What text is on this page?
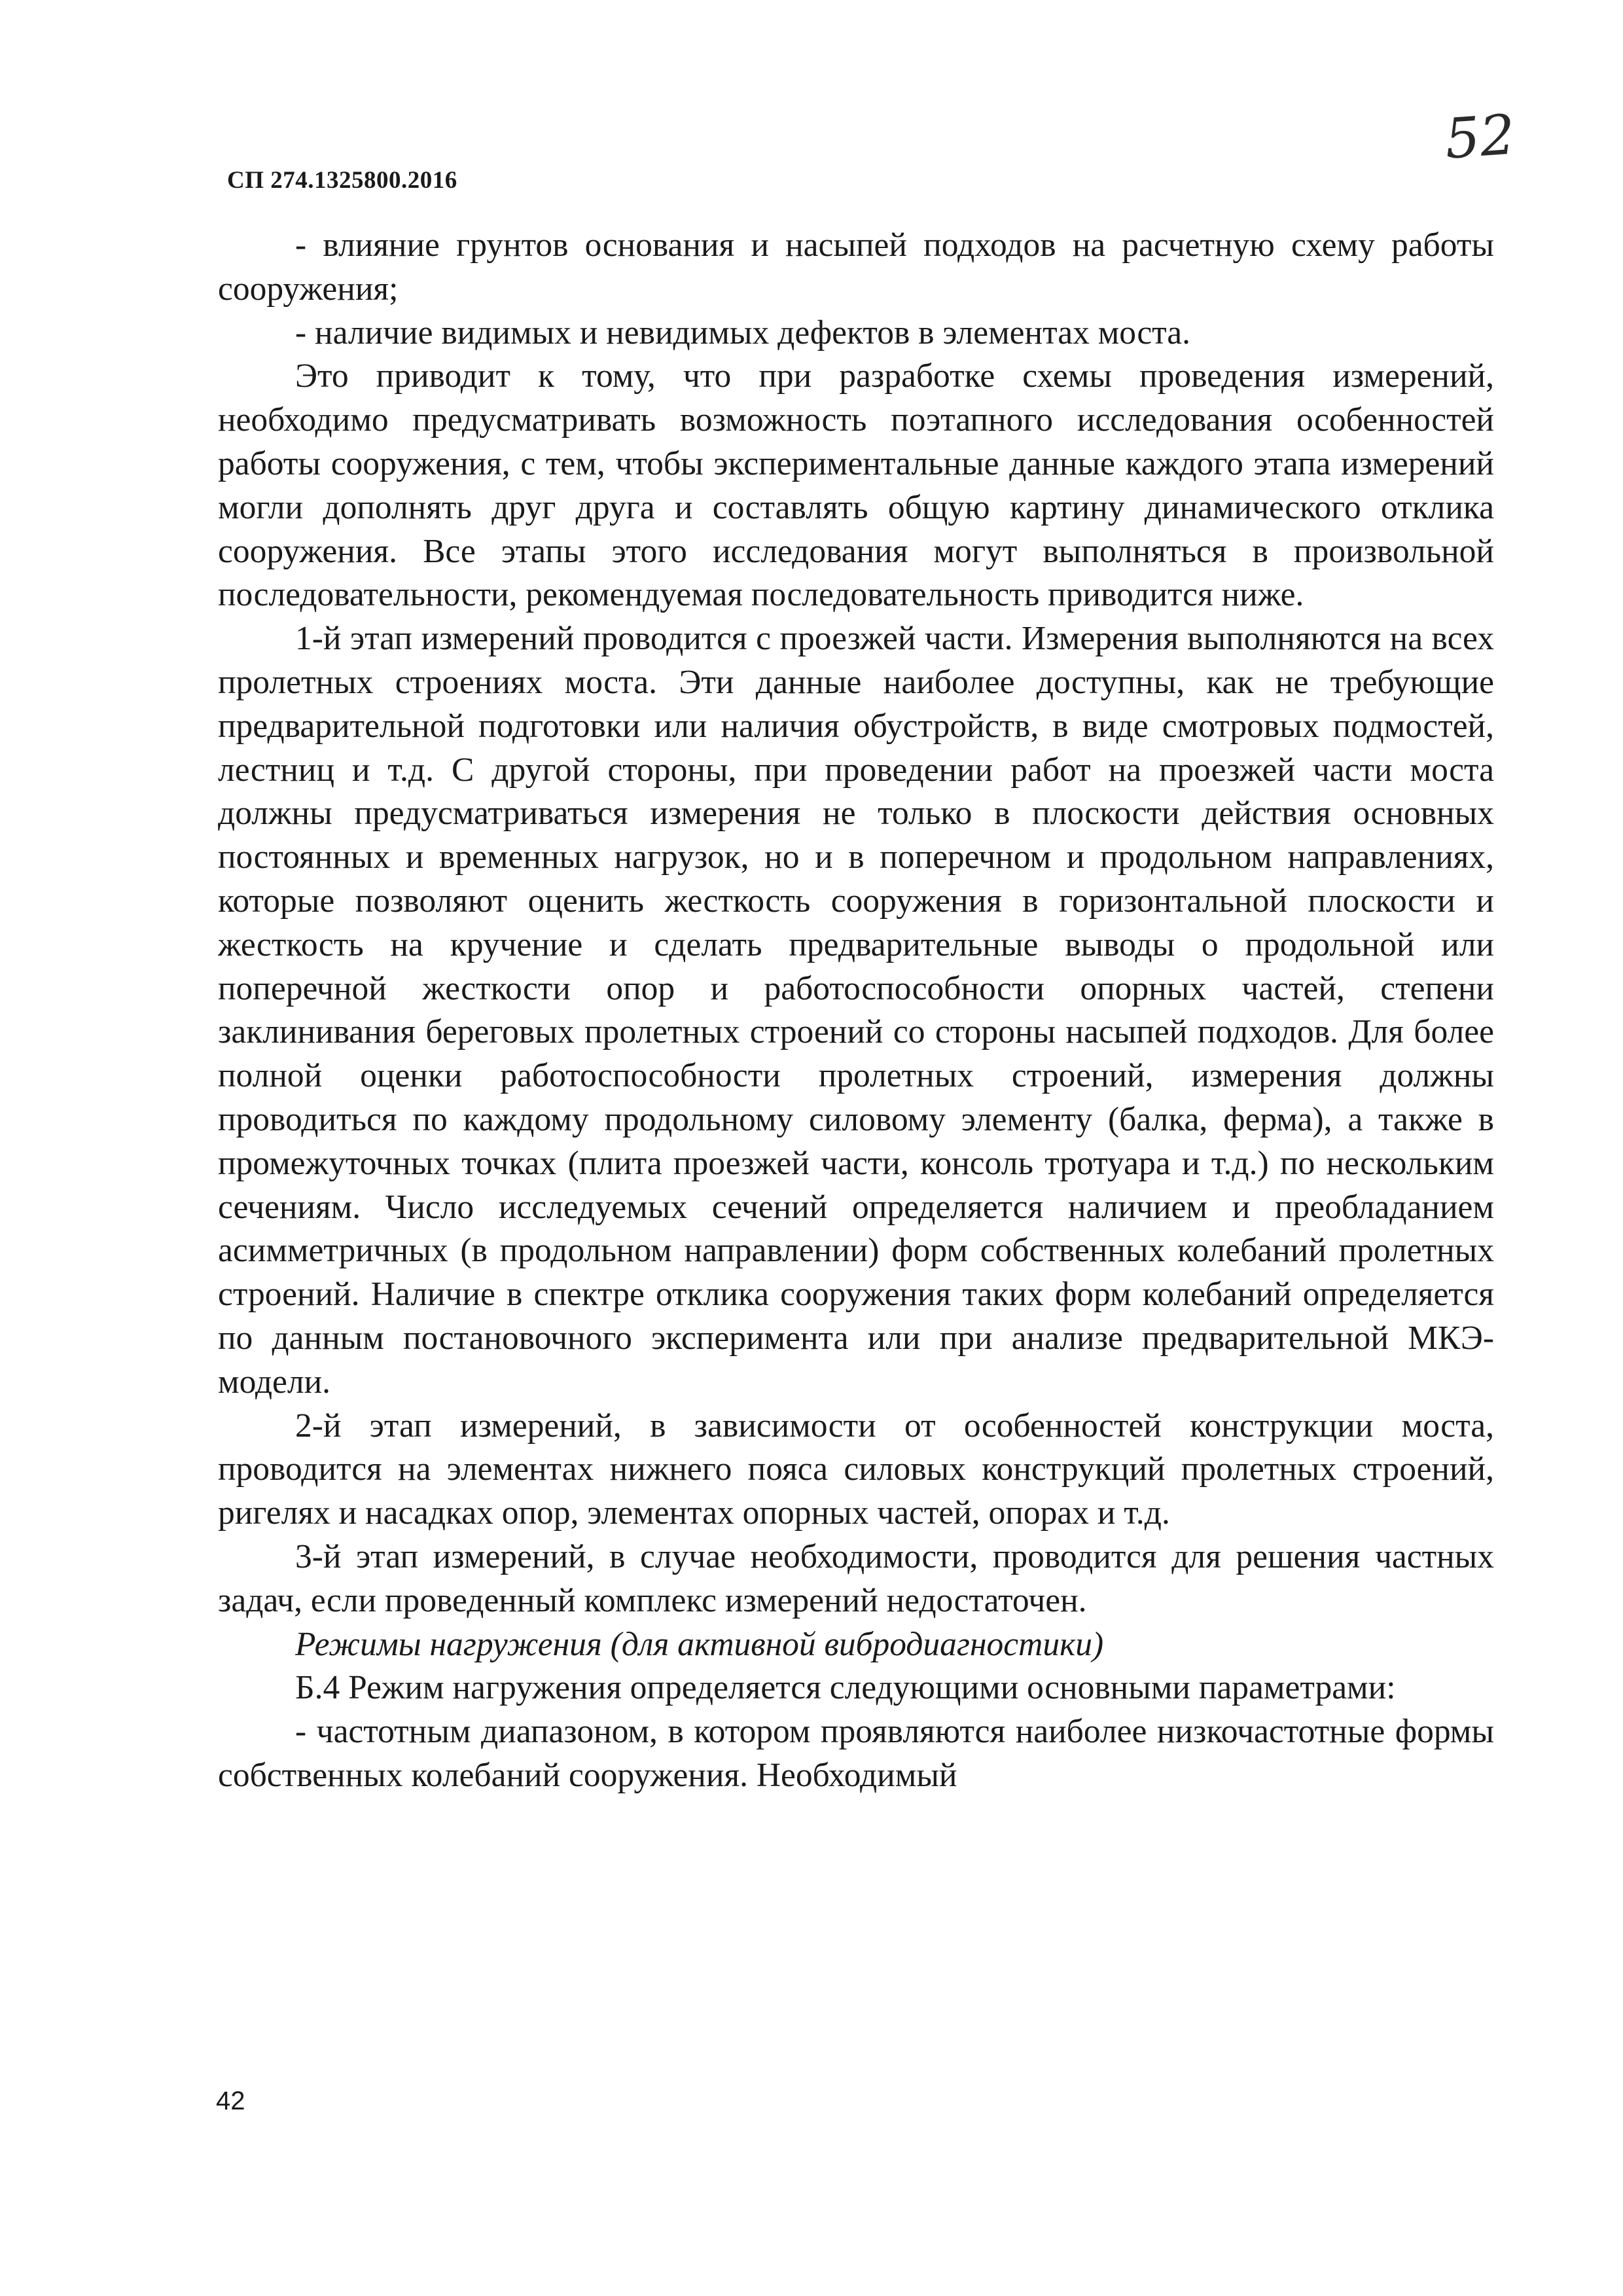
СП 274.1325800.2016
52

- влияние грунтов основания и насыпей подходов на расчетную схему работы сооружения;

- наличие видимых и невидимых дефектов в элементах моста.

Это приводит к тому, что при разработке схемы проведения измерений, необходимо предусматривать возможность поэтапного исследования особенностей работы сооружения, с тем, чтобы экспериментальные данные каждого этапа измерений могли дополнять друг друга и составлять общую картину динамического отклика сооружения. Все этапы этого исследования могут выполняться в произвольной последовательности, рекомендуемая последовательность приводится ниже.

1-й этап измерений проводится с проезжей части. Измерения выполняются на всех пролетных строениях моста. Эти данные наиболее доступны, как не требующие предварительной подготовки или наличия обустройств, в виде смотровых подмостей, лестниц и т.д. С другой стороны, при проведении работ на проезжей части моста должны предусматриваться измерения не только в плоскости действия основных постоянных и временных нагрузок, но и в поперечном и продольном направлениях, которые позволяют оценить жесткость сооружения в горизонтальной плоскости и жесткость на кручение и сделать предварительные выводы о продольной или поперечной жесткости опор и работоспособности опорных частей, степени заклинивания береговых пролетных строений со стороны насыпей подходов. Для более полной оценки работоспособности пролетных строений, измерения должны проводиться по каждому продольному силовому элементу (балка, ферма), а также в промежуточных точках (плита проезжей части, консоль тротуара и т.д.) по нескольким сечениям. Число исследуемых сечений определяется наличием и преобладанием асимметричных (в продольном направлении) форм собственных колебаний пролетных строений. Наличие в спектре отклика сооружения таких форм колебаний определяется по данным постановочного эксперимента или при анализе предварительной МКЭ-модели.

2-й этап измерений, в зависимости от особенностей конструкции моста, проводится на элементах нижнего пояса силовых конструкций пролетных строений, ригелях и насадках опор, элементах опорных частей, опорах и т.д.

3-й этап измерений, в случае необходимости, проводится для решения частных задач, если проведенный комплекс измерений недостаточен.

Режимы нагружения (для активной вибродиагностики)

Б.4 Режим нагружения определяется следующими основными параметрами:

- частотным диапазоном, в котором проявляются наиболее низкочастотные формы собственных колебаний сооружения. Необходимый

42
